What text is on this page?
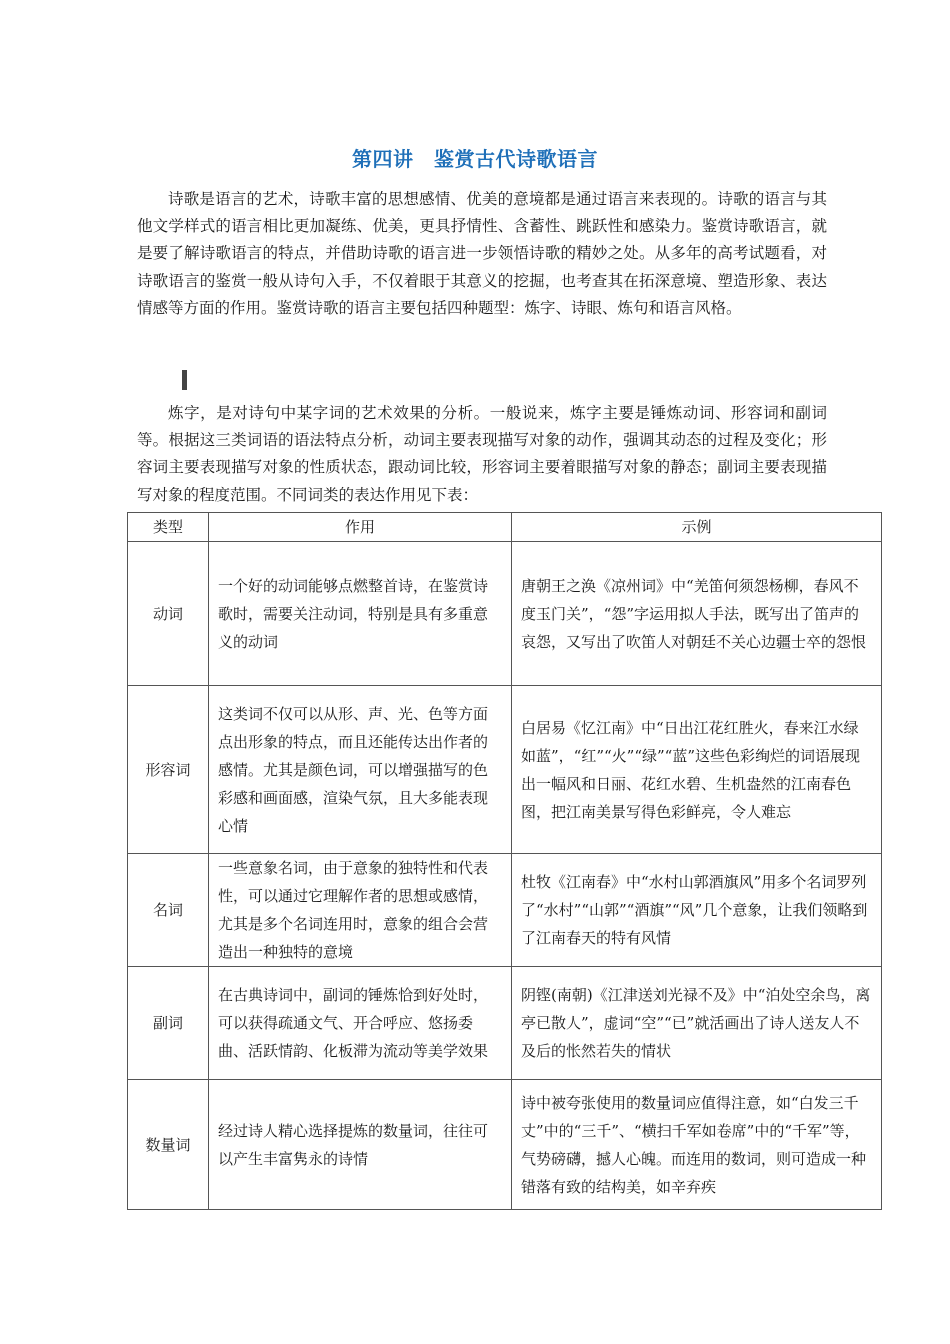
第四讲　鉴赏古代诗歌语言

诗歌是语言的艺术，诗歌丰富的思想感情、优美的意境都是通过语言来表现的。诗歌的语言与其他文学样式的语言相比更加凝练、优美，更具抒情性、含蓄性、跳跃性和感染力。鉴赏诗歌语言，就是要了解诗歌语言的特点，并借助诗歌的语言进一步领悟诗歌的精妙之处。从多年的高考试题看，对诗歌语言的鉴赏一般从诗句入手，不仅着眼于其意义的挖掘，也考查其在拓深意境、塑造形象、表达情感等方面的作用。鉴赏诗歌的语言主要包括四种题型：炼字、诗眼、炼句和语言风格。

炼字，是对诗句中某字词的艺术效果的分析。一般说来，炼字主要是锤炼动词、形容词和副词等。根据这三类词语的语法特点分析，动词主要表现描写对象的动作，强调其动态的过程及变化；形容词主要表现描写对象的性质状态，跟动词比较，形容词主要着眼描写对象的静态；副词主要表现描写对象的程度范围。不同词类的表达作用见下表：

类型	作用	示例
动词	一个好的动词能够点燃整首诗，在鉴赏诗歌时，需要关注动词，特别是具有多重意义的动词	唐朝王之涣《凉州词》中“羌笛何须怨杨柳，春风不度玉门关”，“怨”字运用拟人手法，既写出了笛声的哀怨，又写出了吹笛人对朝廷不关心边疆士卒的怨恨
形容词	这类词不仅可以从形、声、光、色等方面点出形象的特点，而且还能传达出作者的感情。尤其是颜色词，可以增强描写的色彩感和画面感，渲染气氛，且大多能表现心情	白居易《忆江南》中“日出江花红胜火，春来江水绿如蓝”，“红”“火”“绿”“蓝”这些色彩绚烂的词语展现出一幅风和日丽、花红水碧、生机盎然的江南春色图，把江南美景写得色彩鲜亮，令人难忘
名词	一些意象名词，由于意象的独特性和代表性，可以通过它理解作者的思想或感情，尤其是多个名词连用时，意象的组合会营造出一种独特的意境	杜牧《江南春》中“水村山郭酒旗风”用多个名词罗列了“水村”“山郭”“酒旗”“风”几个意象，让我们领略到了江南春天的特有风情
副词	在古典诗词中，副词的锤炼恰到好处时，可以获得疏通文气、开合呼应、悠扬委曲、活跃情韵、化板滞为流动等美学效果	阴铿(南朝)《江津送刘光禄不及》中“泊处空余鸟，离亭已散人”，虚词“空”“已”就活画出了诗人送友人不及后的怅然若失的情状
数量词	经过诗人精心选择提炼的数量词，往往可以产生丰富隽永的诗情	诗中被夸张使用的数量词应值得注意，如“白发三千丈”中的“三千”、“横扫千军如卷席”中的“千军”等，气势磅礴，撼人心魄。而连用的数词，则可造成一种错落有致的结构美，如辛弃疾
